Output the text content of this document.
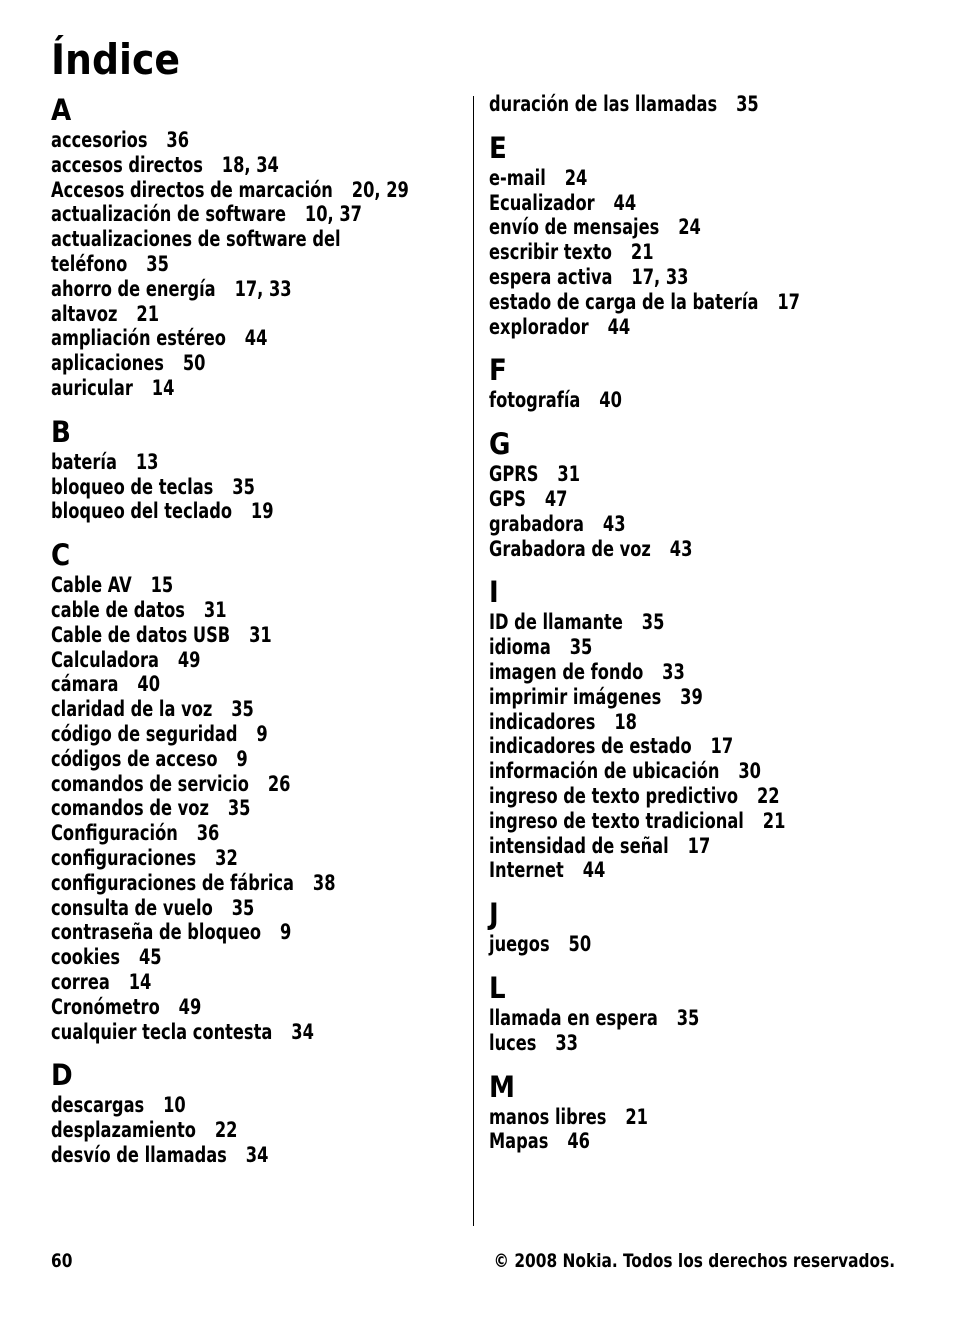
Índice
A
accesorios 36
accesos directos 18, 34
Accesos directos de marcación 20, 29
actualización de software 10, 37
actualizaciones de software del teléfono 35
ahorro de energía 17, 33
altavoz 21
ampliación estéreo 44
aplicaciones 50
auricular 14
B
batería 13
bloqueo de teclas 35
bloqueo del teclado 19
C
Cable AV 15
cable de datos 31
Cable de datos USB 31
Calculadora 49
cámara 40
claridad de la voz 35
código de seguridad 9
códigos de acceso 9
comandos de servicio 26
comandos de voz 35
Configuración 36
configuraciones 32
configuraciones de fábrica 38
consulta de vuelo 35
contraseña de bloqueo 9
cookies 45
correa 14
Cronómetro 49
cualquier tecla contesta 34
D
descargas 10
desplazamiento 22
desvío de llamadas 34
duración de las llamadas 35
E
e-mail 24
Ecualizador 44
envío de mensajes 24
escribir texto 21
espera activa 17, 33
estado de carga de la batería 17
explorador 44
F
fotografía 40
G
GPRS 31
GPS 47
grabadora 43
Grabadora de voz 43
I
ID de llamante 35
idioma 35
imagen de fondo 33
imprimir imágenes 39
indicadores 18
indicadores de estado 17
información de ubicación 30
ingreso de texto predictivo 22
ingreso de texto tradicional 21
intensidad de señal 17
Internet 44
J
juegos 50
L
llamada en espera 35
luces 33
M
manos libres 21
Mapas 46
60	© 2008 Nokia. Todos los derechos reservados.
